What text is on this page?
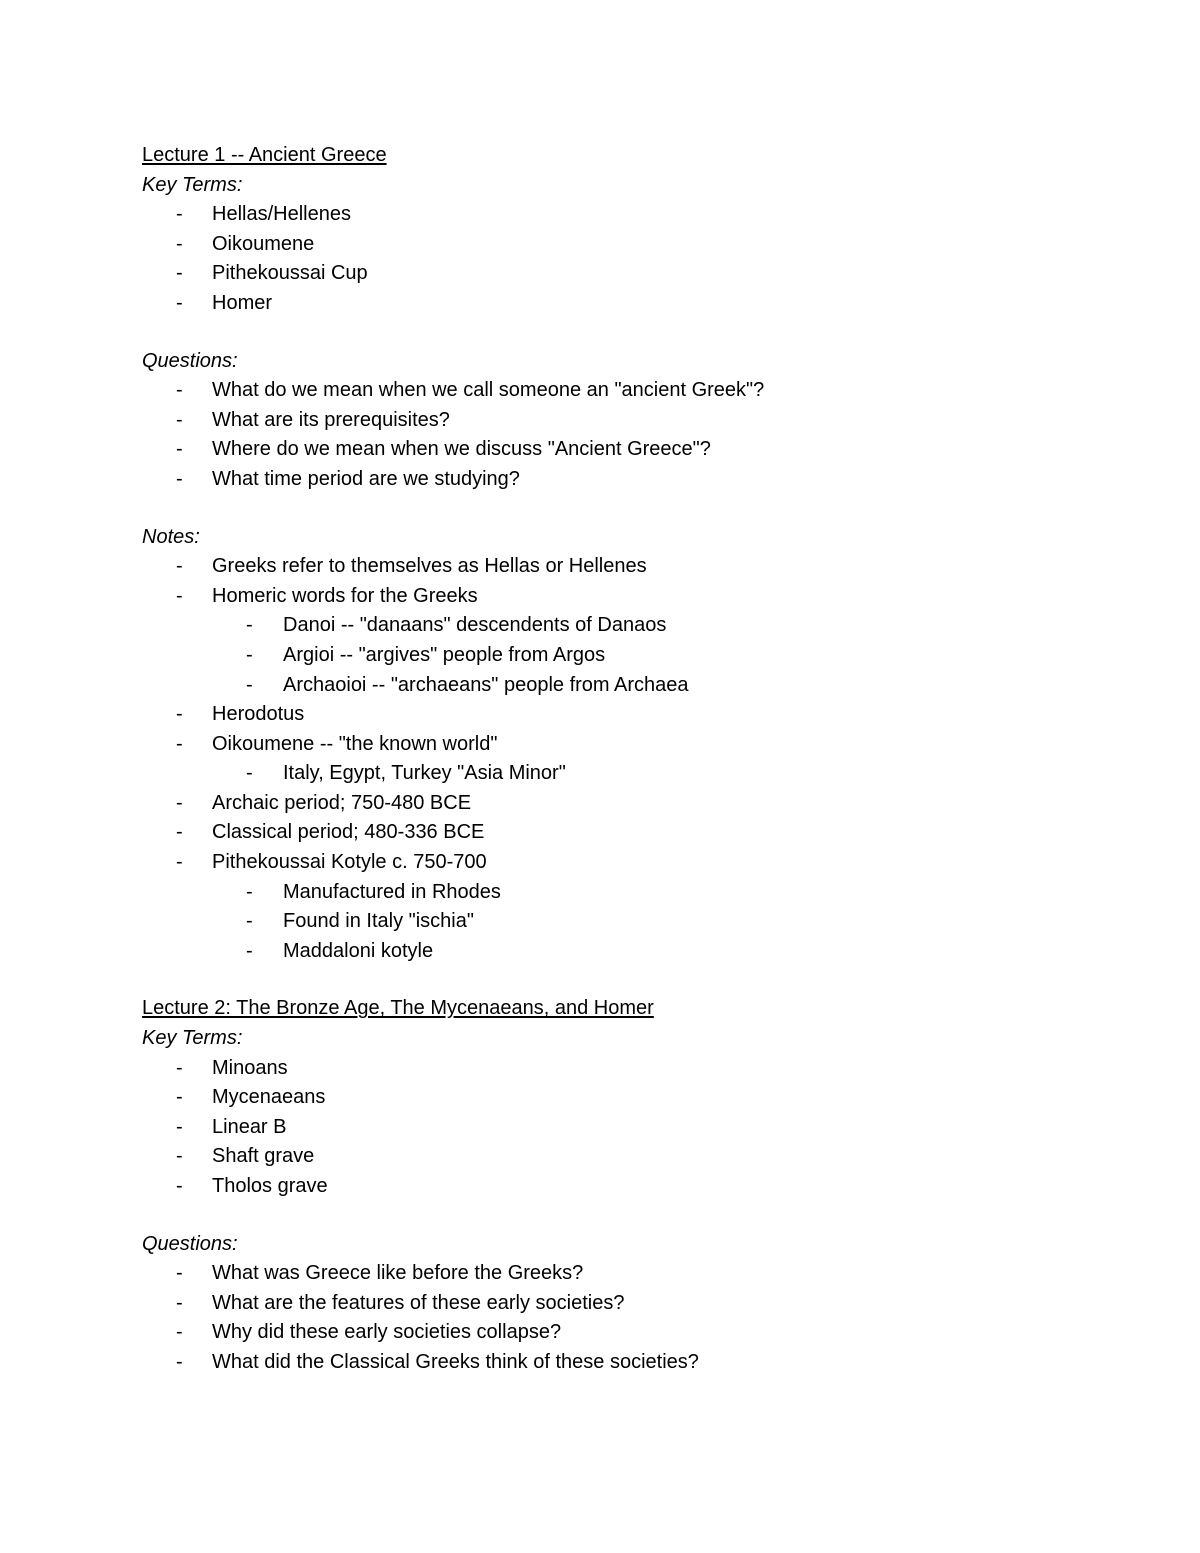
Lecture 1 -- Ancient Greece
Key Terms:
- Hellas/Hellenes
- Oikoumene
- Pithekoussai Cup
- Homer
Questions:
- What do we mean when we call someone an "ancient Greek"?
- What are its prerequisites?
- Where do we mean when we discuss "Ancient Greece"?
- What time period are we studying?
Notes:
- Greeks refer to themselves as Hellas or Hellenes
- Homeric words for the Greeks
- Danoi -- "danaans" descendents of Danaos
- Argioi -- "argives" people from Argos
- Archaoioi -- "archaeans" people from Archaea
- Herodotus
- Oikoumene -- "the known world"
- Italy, Egypt, Turkey "Asia Minor"
- Archaic period; 750-480 BCE
- Classical period; 480-336 BCE
- Pithekoussai Kotyle c. 750-700
- Manufactured in Rhodes
- Found in Italy "ischia"
- Maddaloni kotyle
Lecture 2: The Bronze Age, The Mycenaeans, and Homer
Key Terms:
- Minoans
- Mycenaeans
- Linear B
- Shaft grave
- Tholos grave
Questions:
- What was Greece like before the Greeks?
- What are the features of these early societies?
- Why did these early societies collapse?
- What did the Classical Greeks think of these societies?
